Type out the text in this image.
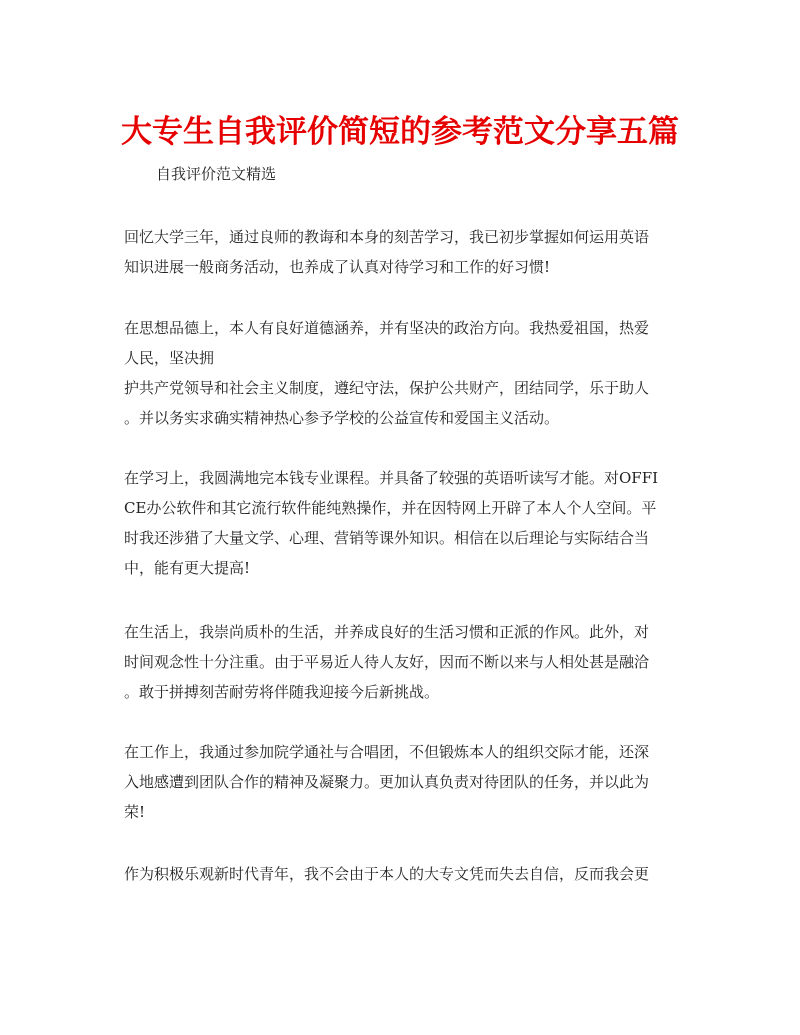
大专生自我评价简短的参考范文分享五篇

自我评价范文精选

回忆大学三年，通过良师的教诲和本身的刻苦学习，我已初步掌握如何运用英语
知识进展一般商务活动，也养成了认真对待学习和工作的好习惯!
在思想品德上，本人有良好道德涵养，并有坚决的政治方向。我热爱祖国，热爱
人民，坚决拥
护共产党领导和社会主义制度，遵纪守法，保护公共财产，团结同学，乐于助人
。并以务实求确实精神热心参予学校的公益宣传和爱国主义活动。
在学习上，我圆满地完本钱专业课程。并具备了较强的英语听读写才能。对OFFI
CE办公软件和其它流行软件能纯熟操作，并在因特网上开辟了本人个人空间。平
时我还涉猎了大量文学、心理、营销等课外知识。相信在以后理论与实际结合当
中，能有更大提高!
在生活上，我崇尚质朴的生活，并养成良好的生活习惯和正派的作风。此外，对
时间观念性十分注重。由于平易近人待人友好，因而不断以来与人相处甚是融洽
。敢于拼搏刻苦耐劳将伴随我迎接今后新挑战。
在工作上，我通过参加院学通社与合唱团，不但锻炼本人的组织交际才能，还深
入地感遭到团队合作的精神及凝聚力。更加认真负责对待团队的任务，并以此为
荣!
作为积极乐观新时代青年，我不会由于本人的大专文凭而失去自信，反而我会更
